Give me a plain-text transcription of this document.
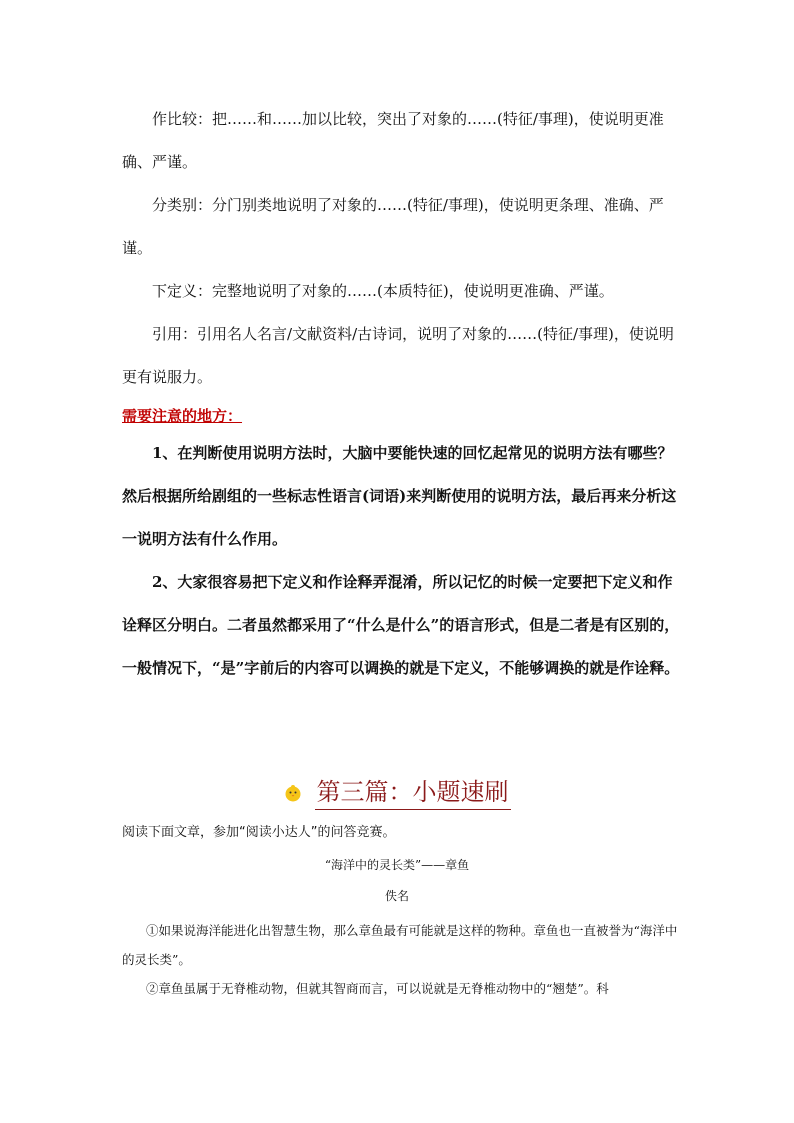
作比较：把……和……加以比较，突出了对象的……(特征/事理)，使说明更准确、严谨。

分类别：分门别类地说明了对象的……(特征/事理)，使说明更条理、准确、严谨。

下定义：完整地说明了对象的……(本质特征)，使说明更准确、严谨。

引用：引用名人名言/文献资料/古诗词，说明了对象的……(特征/事理)，使说明更有说服力。

需要注意的地方：

1、在判断使用说明方法时，大脑中要能快速的回忆起常见的说明方法有哪些？然后根据所给剧组的一些标志性语言(词语)来判断使用的说明方法，最后再来分析这一说明方法有什么作用。

2、大家很容易把下定义和作诠释弄混淆，所以记忆的时候一定要把下定义和作诠释区分明白。二者虽然都采用了“什么是什么”的语言形式，但是二者是有区别的，一般情况下，“是”字前后的内容可以调换的就是下定义，不能够调换的就是作诠释。

第三篇：小题速刷
阅读下面文章，参加“阅读小达人”的问答竞赛。
“海洋中的灵长类”——章鱼
佚名

①如果说海洋能进化出智慧生物，那么章鱼最有可能就是这样的物种。章鱼也一直被誉为“海洋中的灵长类”。

②章鱼虽属于无脊椎动物，但就其智商而言，可以说就是无脊椎动物中的“翘楚”。科
